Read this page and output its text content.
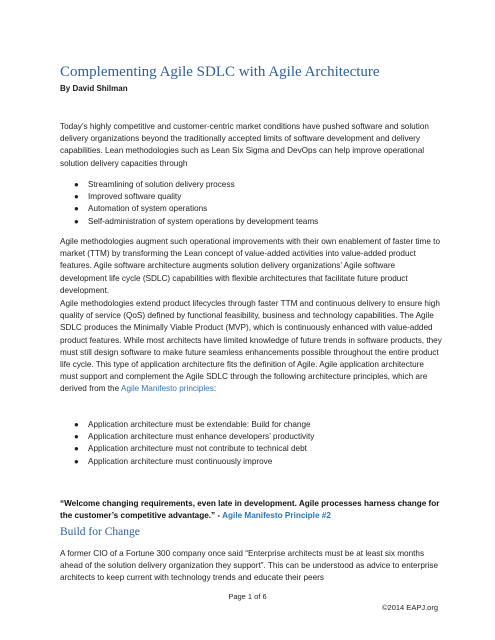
Complementing Agile SDLC with Agile Architecture
By David Shilman

Today’s highly competitive and customer-centric market conditions have pushed software and solution delivery organizations beyond the traditionally accepted limits of software development and delivery capabilities. Lean methodologies such as Lean Six Sigma and DevOps can help improve operational solution delivery capacities through

● Streamlining of solution delivery process
● Improved software quality
● Automation of system operations
● Self-administration of system operations by development teams

Agile methodologies augment such operational improvements with their own enablement of faster time to market (TTM) by transforming the Lean concept of value-added activities into value-added product features. Agile software architecture augments solution delivery organizations’ Agile software development life cycle (SDLC) capabilities with flexible architectures that facilitate future product development.

Agile methodologies extend product lifecycles through faster TTM and continuous delivery to ensure high quality of service (QoS) defined by functional feasibility, business and technology capabilities. The Agile SDLC produces the Minimally Viable Product (MVP), which is continuously enhanced with value-added product features. While most architects have limited knowledge of future trends in software products, they must still design software to make future seamless enhancements possible throughout the entire product life cycle. This type of application architecture fits the definition of Agile. Agile application architecture must support and complement the Agile SDLC through the following architecture principles, which are derived from the Agile Manifesto principles:

● Application architecture must be extendable: Build for change
● Application architecture must enhance developers’ productivity
● Application architecture must not contribute to technical debt
● Application architecture must continuously improve

“Welcome changing requirements, even late in development. Agile processes harness change for the customer’s competitive advantage.” - Agile Manifesto Principle #2

Build for Change

A former CIO of a Fortune 300 company once said “Enterprise architects must be at least six months ahead of the solution delivery organization they support”. This can be understood as advice to enterprise architects to keep current with technology trends and educate their peers

Page 1 of 6
©2014 EAPJ.org
